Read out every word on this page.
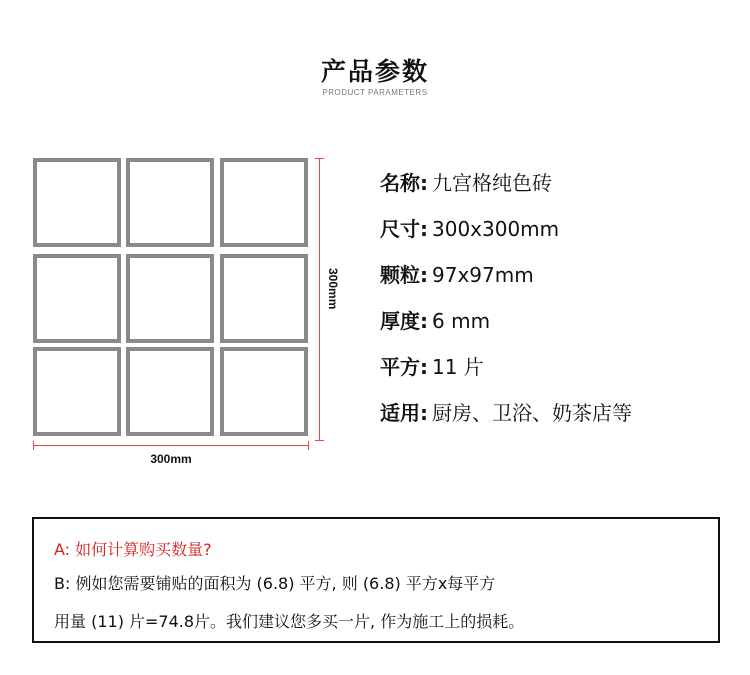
产品参数
PRODUCT PARAMETERS
300mm
300mm
名称: 九宫格纯色砖
尺寸: 300x300mm
颗粒: 97x97mm
厚度: 6 mm
平方: 11 片
适用: 厨房、卫浴、奶茶店等
A: 如何计算购买数量?
B: 例如您需要铺贴的面积为 (6.8) 平方, 则 (6.8) 平方x每平方
用量 (11) 片=74.8片。我们建议您多买一片, 作为施工上的损耗。
